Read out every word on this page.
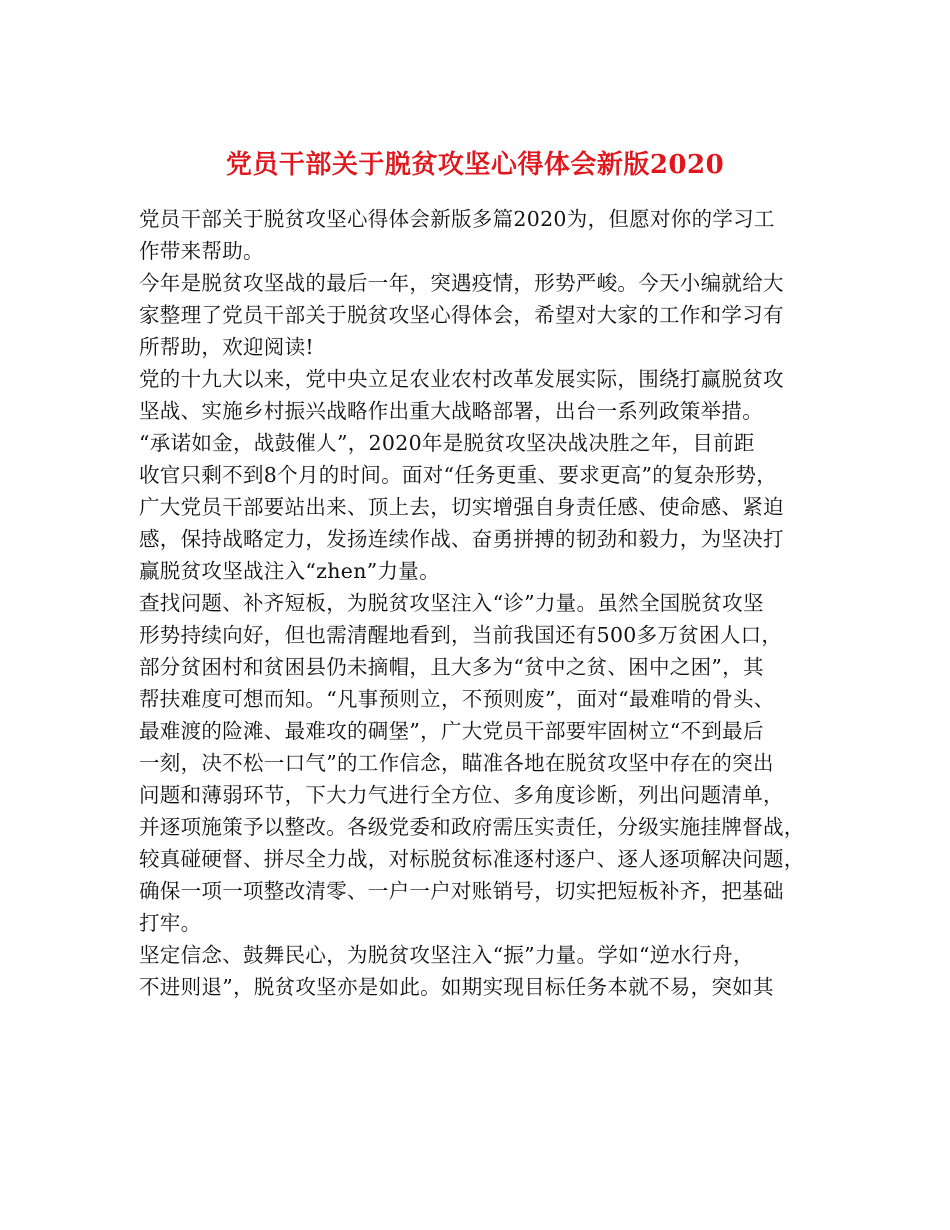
党员干部关于脱贫攻坚心得体会新版2020
党员干部关于脱贫攻坚心得体会新版多篇2020为，但愿对你的学习工
作带来帮助。
今年是脱贫攻坚战的最后一年，突遇疫情，形势严峻。今天小编就给大
家整理了党员干部关于脱贫攻坚心得体会，希望对大家的工作和学习有
所帮助，欢迎阅读!
党的十九大以来，党中央立足农业农村改革发展实际，围绕打赢脱贫攻
坚战、实施乡村振兴战略作出重大战略部署，出台一系列政策举措。
“承诺如金，战鼓催人”，2020年是脱贫攻坚决战决胜之年，目前距
收官只剩不到8个月的时间。面对“任务更重、要求更高”的复杂形势，
广大党员干部要站出来、顶上去，切实增强自身责任感、使命感、紧迫
感，保持战略定力，发扬连续作战、奋勇拼搏的韧劲和毅力，为坚决打
赢脱贫攻坚战注入“zhen”力量。
查找问题、补齐短板，为脱贫攻坚注入“诊”力量。虽然全国脱贫攻坚
形势持续向好，但也需清醒地看到，当前我国还有500多万贫困人口，
部分贫困村和贫困县仍未摘帽，且大多为“贫中之贫、困中之困”，其
帮扶难度可想而知。“凡事预则立，不预则废”，面对“最难啃的骨头、
最难渡的险滩、最难攻的碉堡”，广大党员干部要牢固树立“不到最后
一刻，决不松一口气”的工作信念，瞄准各地在脱贫攻坚中存在的突出
问题和薄弱环节，下大力气进行全方位、多角度诊断，列出问题清单，
并逐项施策予以整改。各级党委和政府需压实责任，分级实施挂牌督战，
较真碰硬督、拼尽全力战，对标脱贫标准逐村逐户、逐人逐项解决问题，
确保一项一项整改清零、一户一户对账销号，切实把短板补齐，把基础
打牢。
坚定信念、鼓舞民心，为脱贫攻坚注入“振”力量。学如“逆水行舟，
不进则退”，脱贫攻坚亦是如此。如期实现目标任务本就不易，突如其
